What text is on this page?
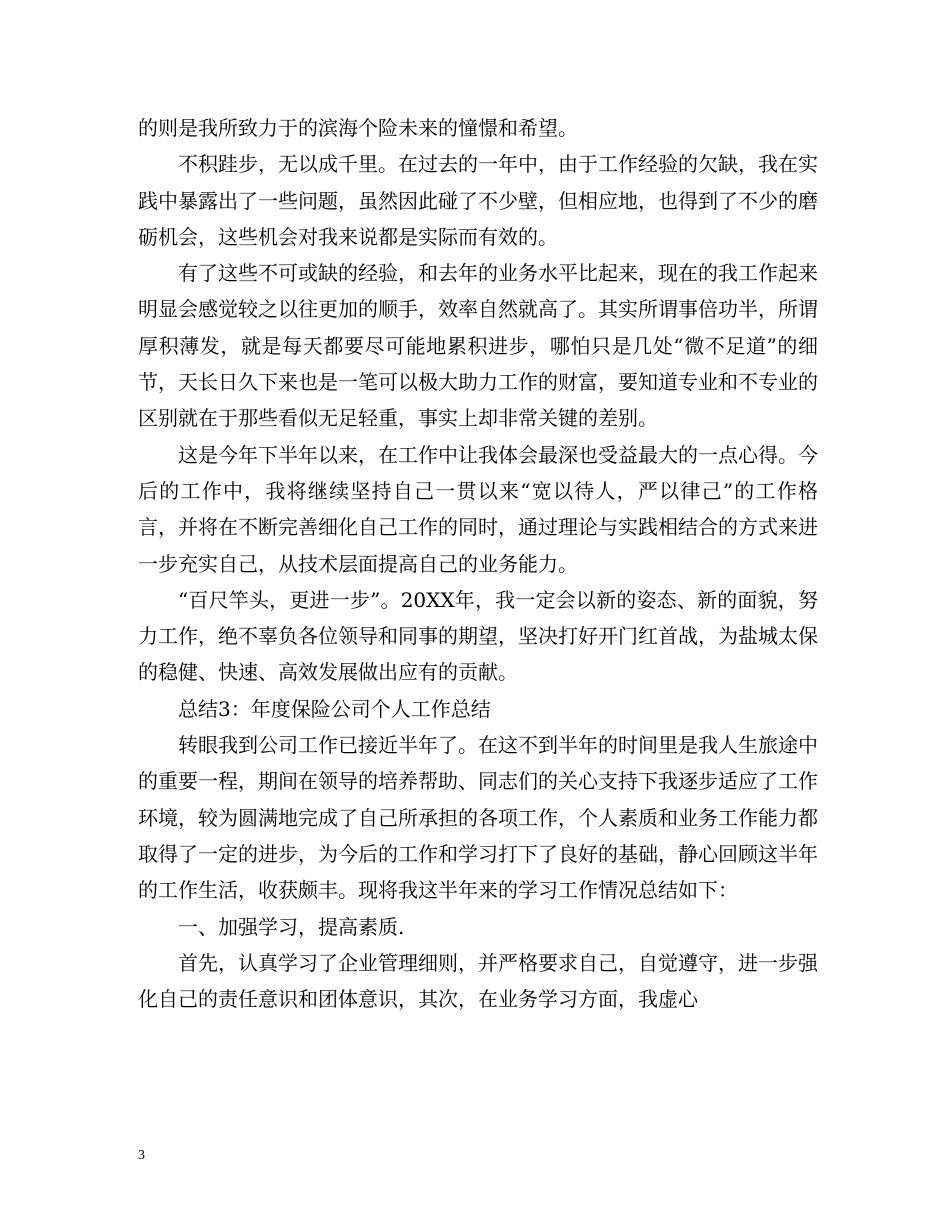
的则是我所致力于的滨海个险未来的憧憬和希望。

不积跬步，无以成千里。在过去的一年中，由于工作经验的欠缺，我在实践中暴露出了一些问题，虽然因此碰了不少壁，但相应地，也得到了不少的磨砺机会，这些机会对我来说都是实际而有效的。

有了这些不可或缺的经验，和去年的业务水平比起来，现在的我工作起来明显会感觉较之以往更加的顺手，效率自然就高了。其实所谓事倍功半，所谓厚积薄发，就是每天都要尽可能地累积进步，哪怕只是几处“微不足道”的细节，天长日久下来也是一笔可以极大助力工作的财富，要知道专业和不专业的区别就在于那些看似无足轻重，事实上却非常关键的差别。

这是今年下半年以来，在工作中让我体会最深也受益最大的一点心得。今后的工作中，我将继续坚持自己一贯以来“宽以待人，严以律己”的工作格言，并将在不断完善细化自己工作的同时，通过理论与实践相结合的方式来进一步充实自己，从技术层面提高自己的业务能力。

“百尺竿头，更进一步”。20XX年，我一定会以新的姿态、新的面貌，努力工作，绝不辜负各位领导和同事的期望，坚决打好开门红首战，为盐城太保的稳健、快速、高效发展做出应有的贡献。

总结3：年度保险公司个人工作总结

转眼我到公司工作已接近半年了。在这不到半年的时间里是我人生旅途中的重要一程，期间在领导的培养帮助、同志们的关心支持下我逐步适应了工作环境，较为圆满地完成了自己所承担的各项工作，个人素质和业务工作能力都取得了一定的进步，为今后的工作和学习打下了良好的基础，静心回顾这半年的工作生活，收获颇丰。现将我这半年来的学习工作情况总结如下：

一、加强学习，提高素质.

首先，认真学习了企业管理细则，并严格要求自己，自觉遵守，进一步强化自己的责任意识和团体意识，其次，在业务学习方面，我虚心

3
